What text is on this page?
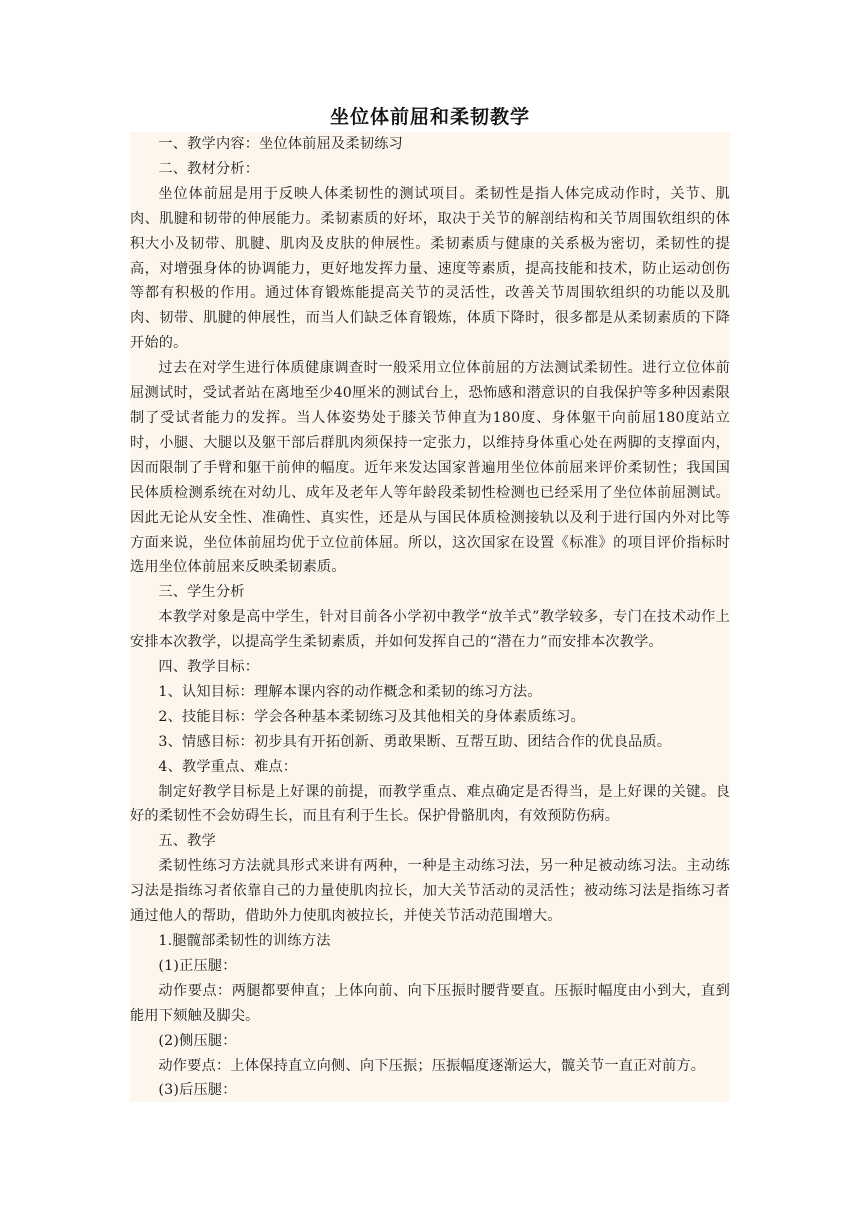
坐位体前屈和柔韧教学

一、教学内容：坐位体前屈及柔韧练习

二、教材分析：

坐位体前屈是用于反映人体柔韧性的测试项目。柔韧性是指人体完成动作时，关节、肌肉、肌腱和韧带的伸展能力。柔韧素质的好坏，取决于关节的解剖结构和关节周围软组织的体积大小及韧带、肌腱、肌肉及皮肤的伸展性。柔韧素质与健康的关系极为密切，柔韧性的提高，对增强身体的协调能力，更好地发挥力量、速度等素质，提高技能和技术，防止运动创伤等都有积极的作用。通过体育锻炼能提高关节的灵活性，改善关节周围软组织的功能以及肌肉、韧带、肌腱的伸展性，而当人们缺乏体育锻炼，体质下降时，很多都是从柔韧素质的下降开始的。

过去在对学生进行体质健康调查时一般采用立位体前屈的方法测试柔韧性。进行立位体前屈测试时，受试者站在离地至少40厘米的测试台上，恐怖感和潜意识的自我保护等多种因素限制了受试者能力的发挥。当人体姿势处于膝关节伸直为180度、身体躯干向前屈180度站立时，小腿、大腿以及躯干部后群肌肉须保持一定张力，以维持身体重心处在两脚的支撑面内，因而限制了手臂和躯干前伸的幅度。近年来发达国家普遍用坐位体前屈来评价柔韧性；我国国民体质检测系统在对幼儿、成年及老年人等年龄段柔韧性检测也已经采用了坐位体前屈测试。因此无论从安全性、准确性、真实性，还是从与国民体质检测接轨以及利于进行国内外对比等方面来说，坐位体前屈均优于立位前体屈。所以，这次国家在设置《标准》的项目评价指标时选用坐位体前屈来反映柔韧素质。

三、学生分析

本教学对象是高中学生，针对目前各小学初中教学“放羊式”教学较多，专门在技术动作上安排本次教学，以提高学生柔韧素质，并如何发挥自己的“潜在力”而安排本次教学。

四、教学目标：

1、认知目标：理解本课内容的动作概念和柔韧的练习方法。

2、技能目标：学会各种基本柔韧练习及其他相关的身体素质练习。

3、情感目标：初步具有开拓创新、勇敢果断、互帮互助、团结合作的优良品质。

4、教学重点、难点：

制定好教学目标是上好课的前提，而教学重点、难点确定是否得当，是上好课的关键。良好的柔韧性不会妨碍生长，而且有利于生长。保护骨骼肌肉，有效预防伤病。

五、教学

柔韧性练习方法就具形式来讲有两种，一种是主动练习法，另一种足被动练习法。主动练习法是指练习者依靠自己的力量使肌肉拉长，加大关节活动的灵活性；被动练习法是指练习者通过他人的帮助，借助外力使肌肉被拉长，并使关节活动范围增大。

1.腿髋部柔韧性的训练方法

(1)正压腿：

动作要点：两腿都要伸直；上体向前、向下压振时腰背要直。压振时幅度由小到大，直到能用下颏触及脚尖。

(2)侧压腿：

动作要点：上体保持直立向侧、向下压振；压振幅度逐渐运大，髋关节一直正对前方。

(3)后压腿：
